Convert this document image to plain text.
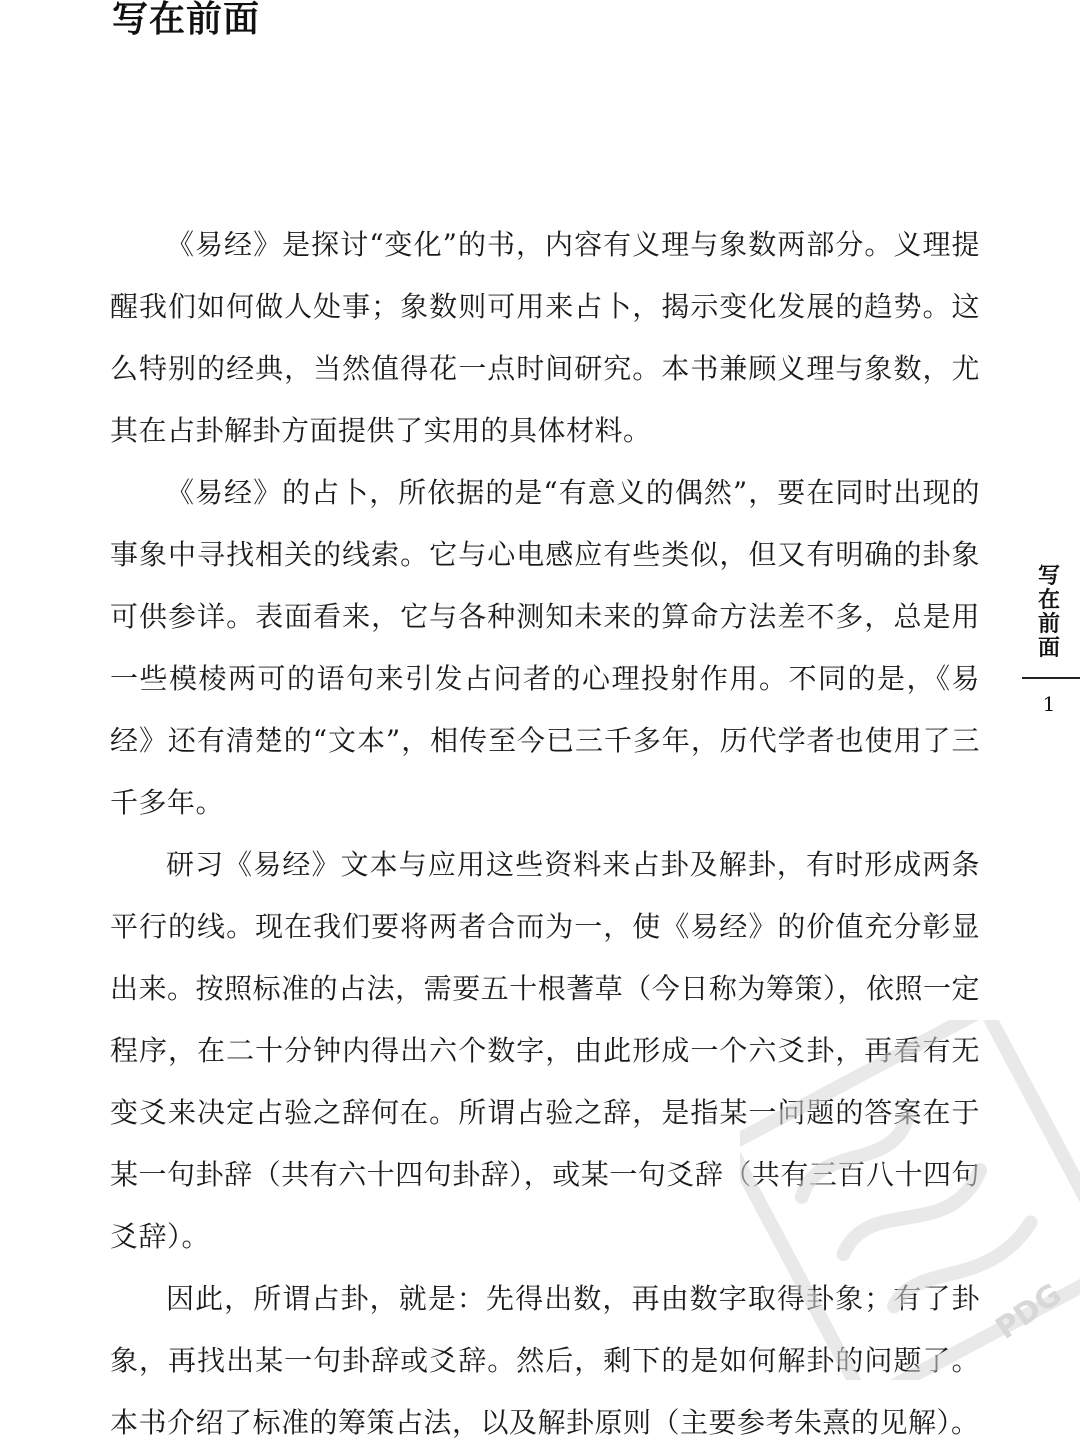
写在前面

《易经》是探讨“变化”的书，内容有义理与象数两部分。义理提醒我们如何做人处事；象数则可用来占卜，揭示变化发展的趋势。这么特别的经典，当然值得花一点时间研究。本书兼顾义理与象数，尤其在占卦解卦方面提供了实用的具体材料。

《易经》的占卜，所依据的是“有意义的偶然”，要在同时出现的事象中寻找相关的线索。它与心电感应有些类似，但又有明确的卦象可供参详。表面看来，它与各种测知未来的算命方法差不多，总是用一些模棱两可的语句来引发占问者的心理投射作用。不同的是，《易经》还有清楚的“文本”，相传至今已三千多年，历代学者也使用了三千多年。

研习《易经》文本与应用这些资料来占卦及解卦，有时形成两条平行的线。现在我们要将两者合而为一，使《易经》的价值充分彰显出来。按照标准的占法，需要五十根蓍草（今日称为筹策），依照一定程序，在二十分钟内得出六个数字，由此形成一个六爻卦，再看有无变爻来决定占验之辞何在。所谓占验之辞，是指某一问题的答案在于某一句卦辞（共有六十四句卦辞），或某一句爻辞（共有三百八十四句爻辞）。

因此，所谓占卦，就是：先得出数，再由数字取得卦象；有了卦象，再找出某一句卦辞或爻辞。然后，剩下的是如何解卦的问题了。本书介绍了标准的筹策占法，以及解卦原则（主要参考朱熹的见解）。

写在前面
1
PDG
